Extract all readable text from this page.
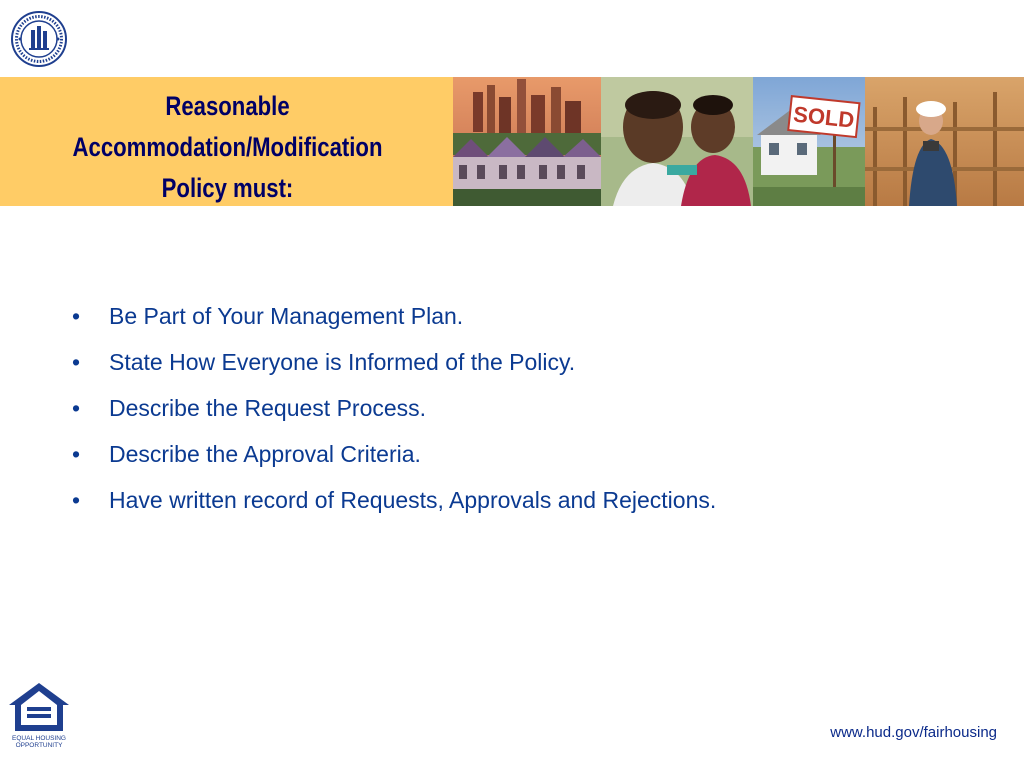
Reasonable
Accommodation/Modification
Policy must:
SOLD
• Be Part of Your Management Plan.
• State How Everyone is Informed of the Policy.
• Describe the Request Process.
• Describe the Approval Criteria.
• Have written record of Requests, Approvals and Rejections.
EQUAL HOUSING
OPPORTUNITY
www.hud.gov/fairhousing
